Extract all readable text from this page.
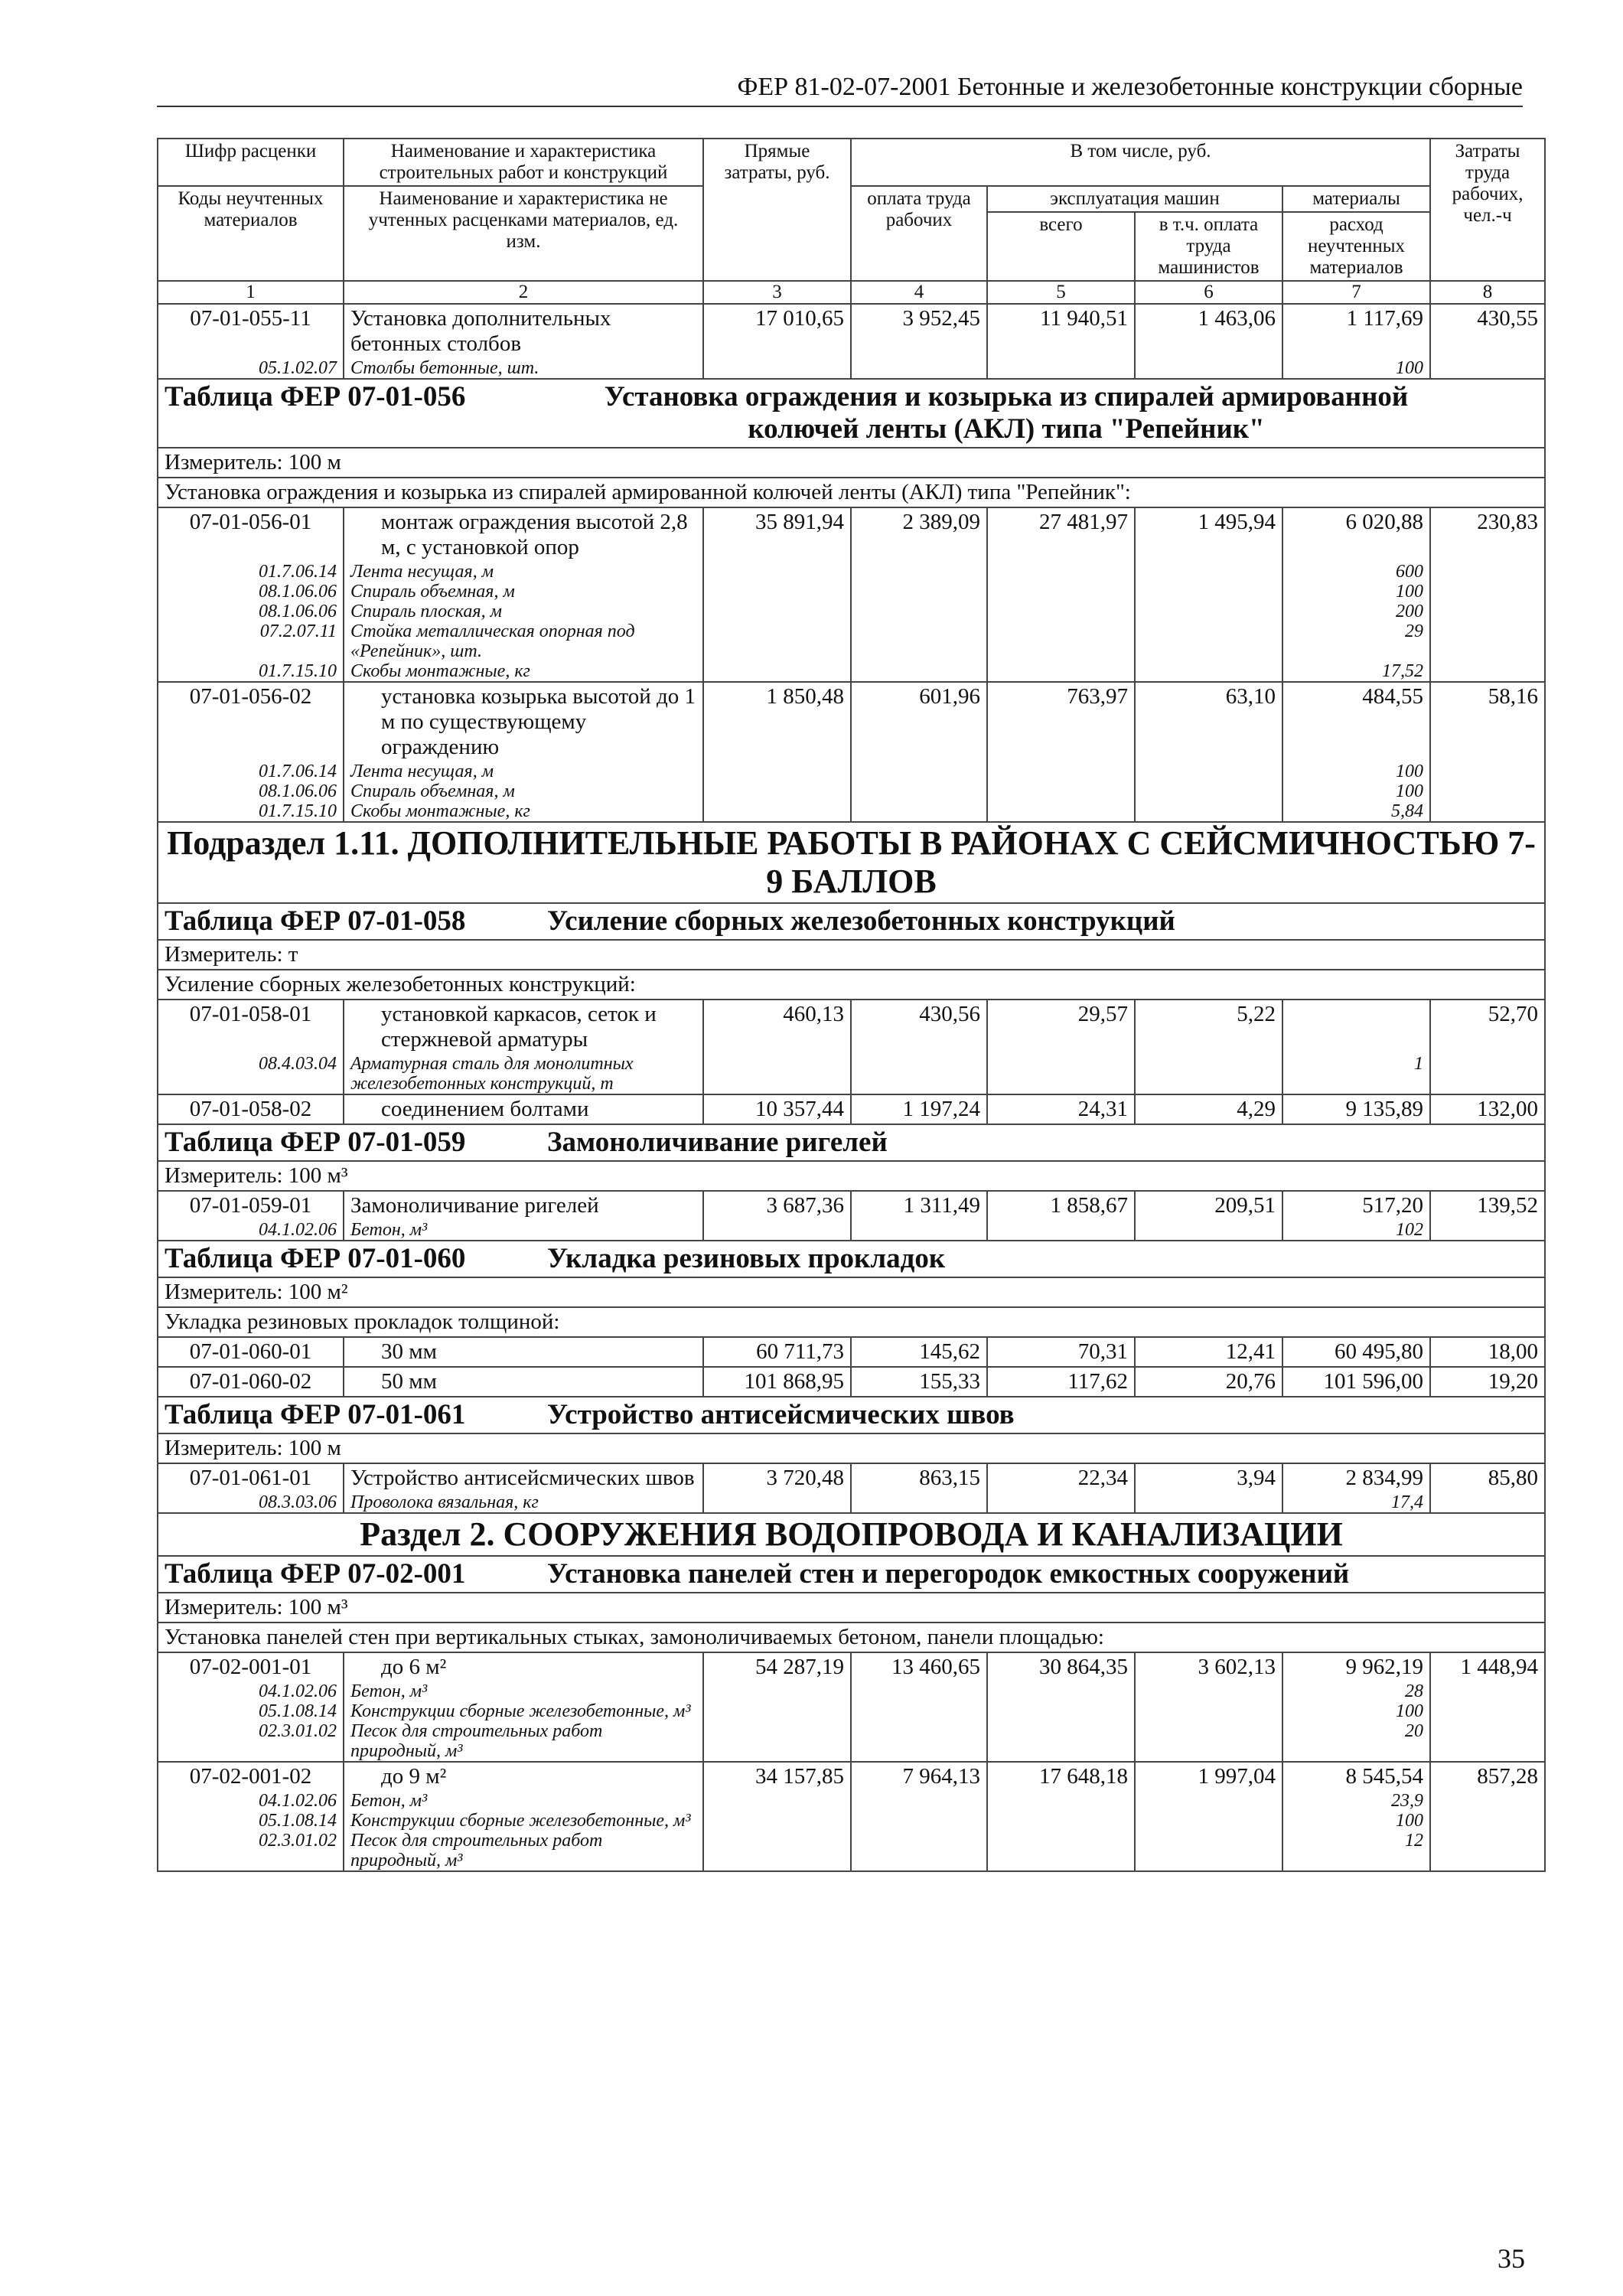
ФЕР 81-02-07-2001 Бетонные и железобетонные конструкции сборные
Шифр расценки	Наименование и характеристика строительных работ и конструкций	Прямые затраты, руб.	В том числе, руб.				Затраты труда рабочих, чел.-ч
Коды неучтенных материалов	Наименование и характеристика не учтенных расценками материалов, ед. изм.		оплата труда рабочих	эксплуатация машин		материалы	
				всего	в т.ч. оплата труда машинистов	расход неучтенных материалов	
1	2	3	4	5	6	7	8
07-01-055-11	Установка дополнительных бетонных столбов	17 010,65	3 952,45	11 940,51	1 463,06	1 117,69	430,55
05.1.02.07	Столбы бетонные, шт.					100	
Таблица ФЕР 07-01-056 Установка ограждения и козырька из спиралей армированной колючей ленты (АКЛ) типа "Репейник"							
Измеритель: 100 м							
Установка ограждения и козырька из спиралей армированной колючей ленты (АКЛ) типа "Репейник":							
07-01-056-01	монтаж ограждения высотой 2,8 м, с установкой опор	35 891,94	2 389,09	27 481,97	1 495,94	6 020,88	230,83
01.7.06.14	Лента несущая, м					600	
08.1.06.06	Спираль объемная, м					100	
08.1.06.06	Спираль плоская, м					200	
07.2.07.11	Стойка металлическая опорная под «Репейник», шт.					29	
01.7.15.10	Скобы монтажные, кг					17,52	
07-01-056-02	установка козырька высотой до 1 м по существующему ограждению	1 850,48	601,96	763,97	63,10	484,55	58,16
01.7.06.14	Лента несущая, м					100	
08.1.06.06	Спираль объемная, м					100	
01.7.15.10	Скобы монтажные, кг					5,84	
Подраздел 1.11. ДОПОЛНИТЕЛЬНЫЕ РАБОТЫ В РАЙОНАХ С СЕЙСМИЧНОСТЬЮ 7-9 БАЛЛОВ							
Таблица ФЕР 07-01-058 Усиление сборных железобетонных конструкций							
Измеритель: т							
Усиление сборных железобетонных конструкций:							
07-01-058-01	установкой каркасов, сеток и стержневой арматуры	460,13	430,56	29,57	5,22		52,70
08.4.03.04	Арматурная сталь для монолитных железобетонных конструкций, т					1	
07-01-058-02	соединением болтами	10 357,44	1 197,24	24,31	4,29	9 135,89	132,00
Таблица ФЕР 07-01-059 Замоноличивание ригелей							
Измеритель: 100 м³							
07-01-059-01	Замоноличивание ригелей	3 687,36	1 311,49	1 858,67	209,51	517,20	139,52
04.1.02.06	Бетон, м³					102	
Таблица ФЕР 07-01-060 Укладка резиновых прокладок							
Измеритель: 100 м²							
Укладка резиновых прокладок толщиной:							
07-01-060-01	30 мм	60 711,73	145,62	70,31	12,41	60 495,80	18,00
07-01-060-02	50 мм	101 868,95	155,33	117,62	20,76	101 596,00	19,20
Таблица ФЕР 07-01-061 Устройство антисейсмических швов							
Измеритель: 100 м							
07-01-061-01	Устройство антисейсмических швов	3 720,48	863,15	22,34	3,94	2 834,99	85,80
08.3.03.06	Проволока вязальная, кг					17,4	
Раздел 2. СООРУЖЕНИЯ ВОДОПРОВОДА И КАНАЛИЗАЦИИ							
Таблица ФЕР 07-02-001 Установка панелей стен и перегородок емкостных сооружений							
Измеритель: 100 м³							
Установка панелей стен при вертикальных стыках, замоноличиваемых бетоном, панели площадью:							
07-02-001-01	до 6 м²	54 287,19	13 460,65	30 864,35	3 602,13	9 962,19	1 448,94
04.1.02.06	Бетон, м³					28	
05.1.08.14	Конструкции сборные железобетонные, м³					100	
02.3.01.02	Песок для строительных работ природный, м³					20	
07-02-001-02	до 9 м²	34 157,85	7 964,13	17 648,18	1 997,04	8 545,54	857,28
04.1.02.06	Бетон, м³					23,9	
05.1.08.14	Конструкции сборные железобетонные, м³					100	
02.3.01.02	Песок для строительных работ природный, м³					12	
35
